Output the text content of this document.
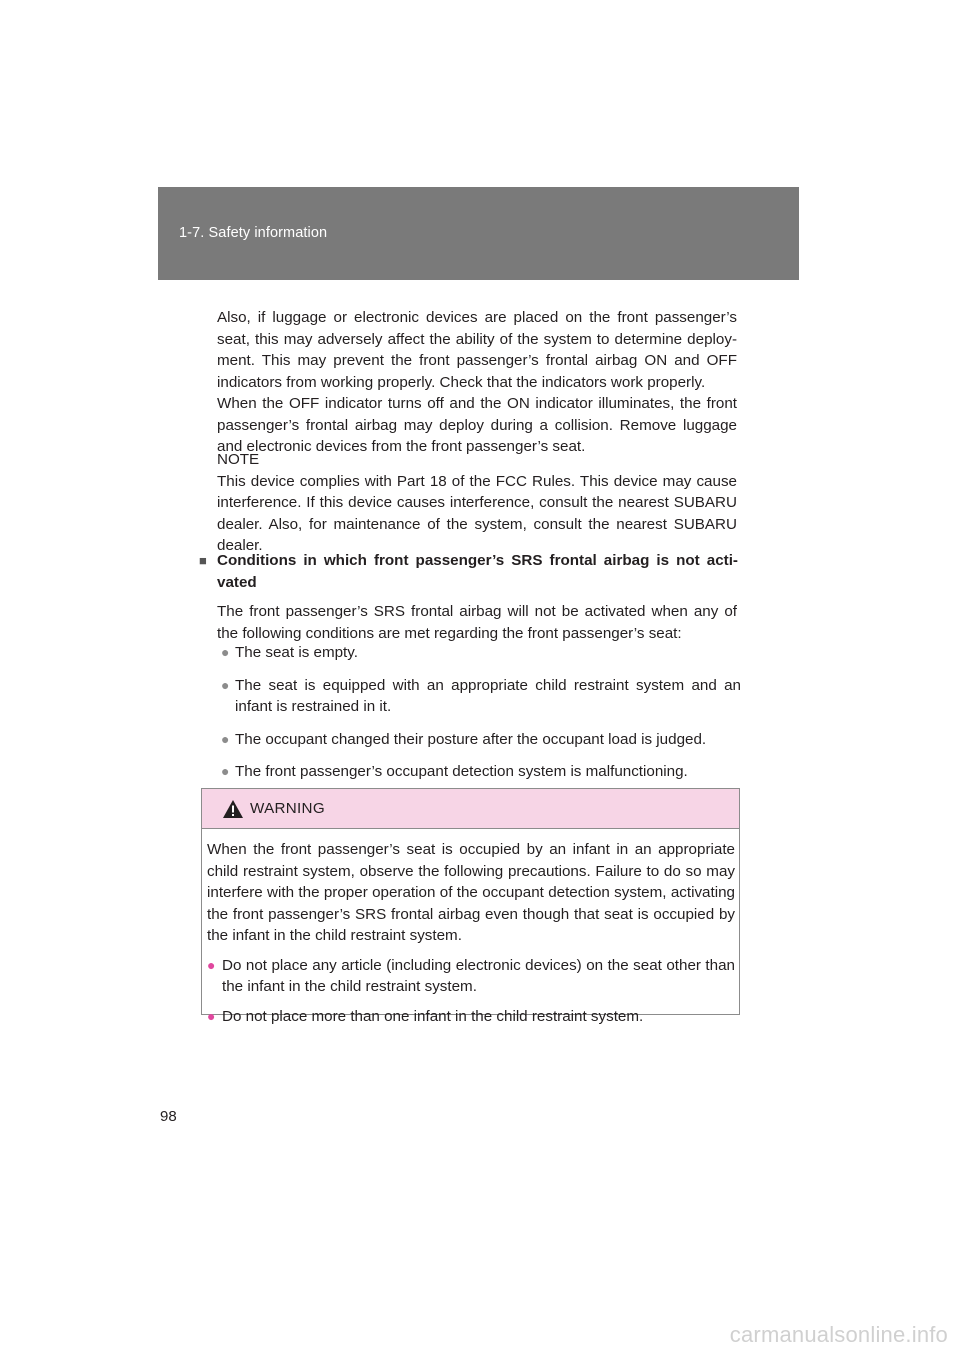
1-7. Safety information

Also, if luggage or electronic devices are placed on the front passenger’s seat, this may adversely affect the ability of the system to determine deploy-ment. This may prevent the front passenger’s frontal airbag ON and OFF indicators from working properly. Check that the indicators work properly.

When the OFF indicator turns off and the ON indicator illuminates, the front passenger’s frontal airbag may deploy during a collision. Remove luggage and electronic devices from the front passenger’s seat.

NOTE

This device complies with Part 18 of the FCC Rules. This device may cause interference. If this device causes interference, consult the nearest SUBARU dealer. Also, for maintenance of the system, consult the nearest SUBARU dealer.

■ Conditions in which front passenger’s SRS frontal airbag is not acti-vated

The front passenger’s SRS frontal airbag will not be activated when any of the following conditions are met regarding the front passenger’s seat:

● The seat is empty.
● The seat is equipped with an appropriate child restraint system and an infant is restrained in it.
● The occupant changed their posture after the occupant load is judged.
● The front passenger’s occupant detection system is malfunctioning.
WARNING

When the front passenger’s seat is occupied by an infant in an appropriate child restraint system, observe the following precautions. Failure to do so may interfere with the proper operation of the occupant detection system, activating the front passenger’s SRS frontal airbag even though that seat is occupied by the infant in the child restraint system.

● Do not place any article (including electronic devices) on the seat other than the infant in the child restraint system.
● Do not place more than one infant in the child restraint system.
98
carmanualsonline.info
